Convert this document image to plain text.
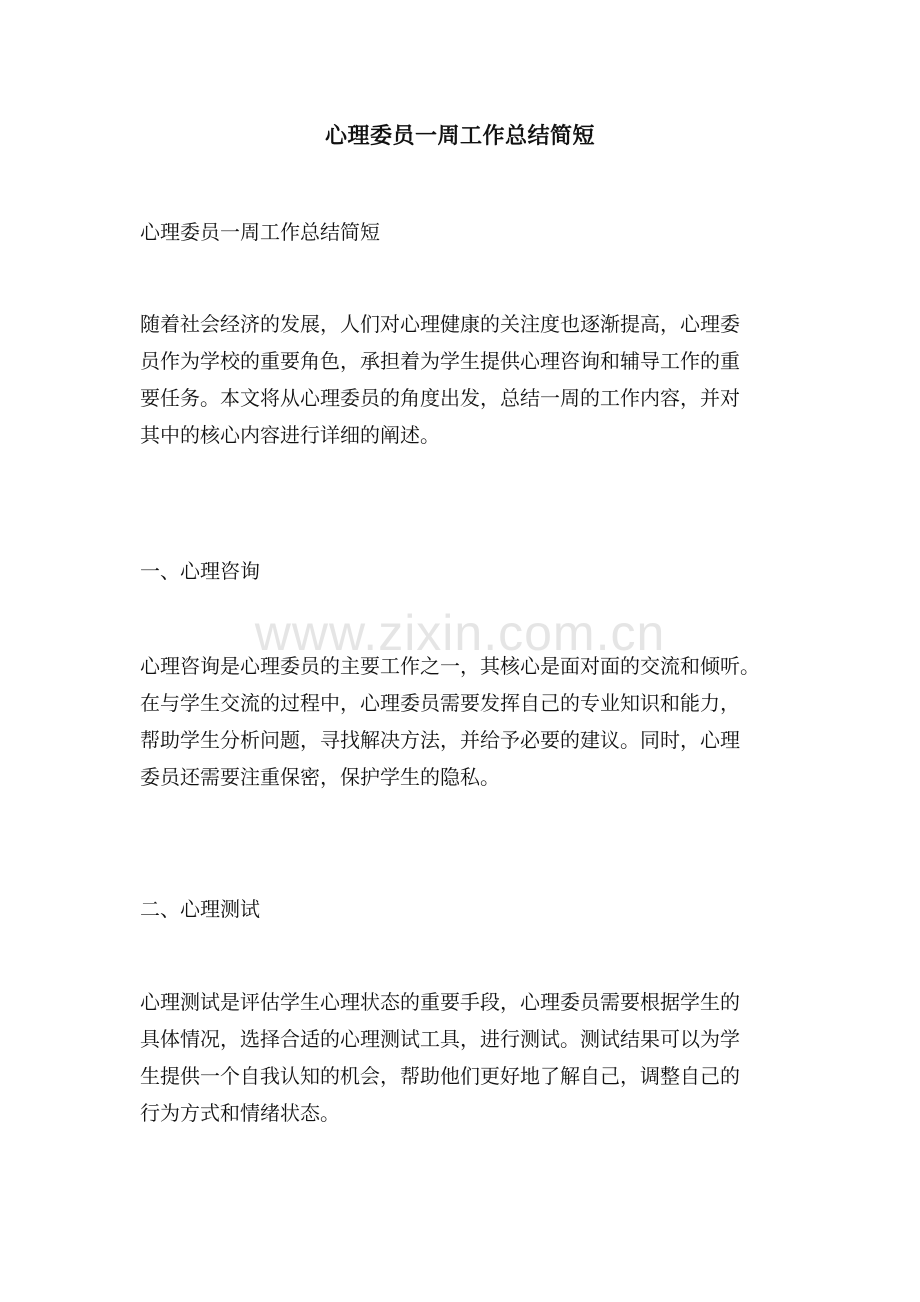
心理委员一周工作总结简短
心理委员一周工作总结简短
随着社会经济的发展，人们对心理健康的关注度也逐渐提高，心理委
员作为学校的重要角色，承担着为学生提供心理咨询和辅导工作的重
要任务。本文将从心理委员的角度出发，总结一周的工作内容，并对
其中的核心内容进行详细的阐述。
一、心理咨询
www.zixin.com.cn
心理咨询是心理委员的主要工作之一，其核心是面对面的交流和倾听。
在与学生交流的过程中，心理委员需要发挥自己的专业知识和能力，
帮助学生分析问题，寻找解决方法，并给予必要的建议。同时，心理
委员还需要注重保密，保护学生的隐私。
二、心理测试
心理测试是评估学生心理状态的重要手段，心理委员需要根据学生的
具体情况，选择合适的心理测试工具，进行测试。测试结果可以为学
生提供一个自我认知的机会，帮助他们更好地了解自己，调整自己的
行为方式和情绪状态。
